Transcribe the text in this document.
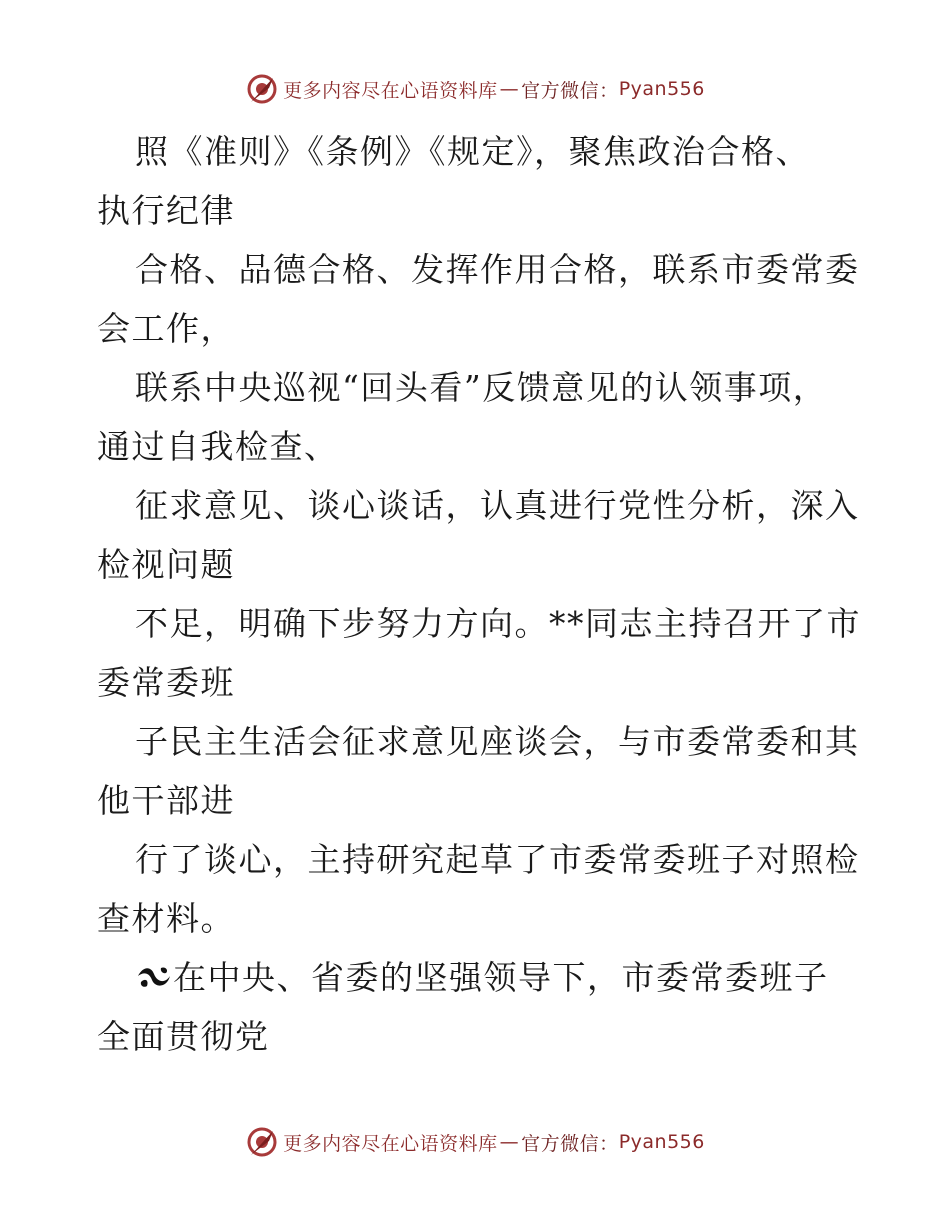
更多内容尽在心语资料库 — 官方微信： Pyan556
照《准则》《条例》《规定》，聚焦政治合格、
执行纪律
合格、品德合格、发挥作用合格，联系市委常委
会工作，
联系中央巡视“回头看”反馈意见的认领事项，
通过自我检查、
征求意见、谈心谈话，认真进行党性分析，深入
检视问题
不足，明确下步努力方向。**同志主持召开了市
委常委班
子民主生活会征求意见座谈会，与市委常委和其
他干部进
行了谈心，主持研究起草了市委常委班子对照检
查材料。
在中央、省委的坚强领导下，市委常委班子
全面贯彻党
更多内容尽在心语资料库 — 官方微信： Pyan556
